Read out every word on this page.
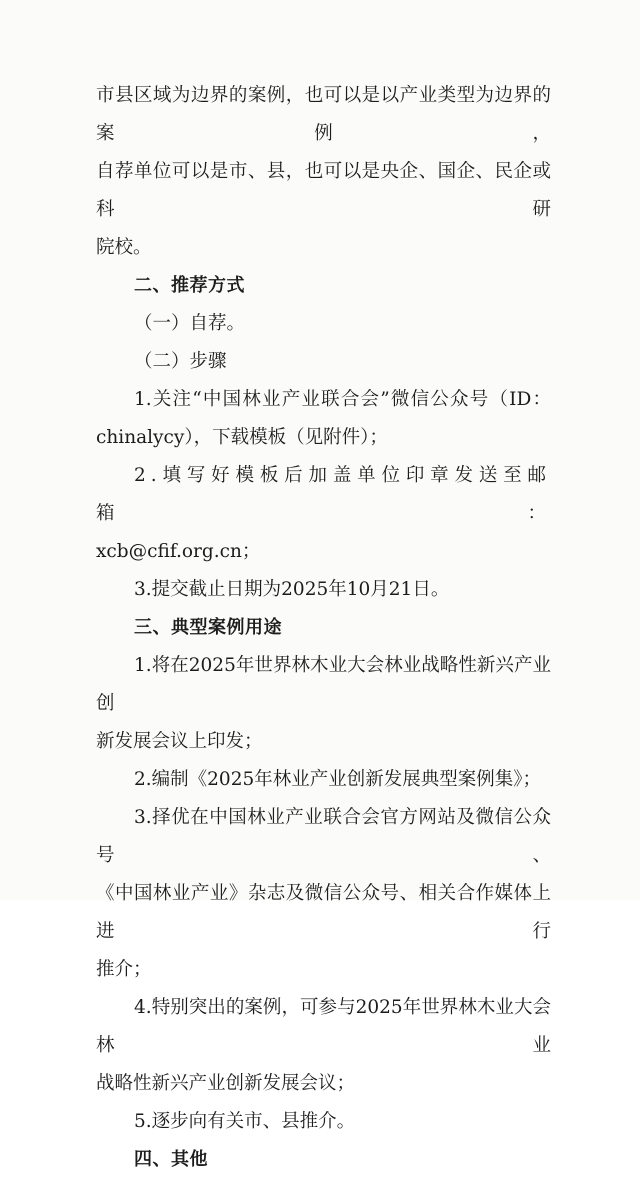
市县区域为边界的案例，也可以是以产业类型为边界的案例，

自荐单位可以是市、县，也可以是央企、国企、民企或科研

院校。

二、推荐方式

（一）自荐。

（二）步骤

1.关注“中国林业产业联合会”微信公众号（ID：

chinalycy），下载模板（见附件）；

2.填写好模板后加盖单位印章发送至邮箱：

xcb@cfif.org.cn；

3.提交截止日期为2025年10月21日。

三、典型案例用途

1.将在2025年世界林木业大会林业战略性新兴产业创

新发展会议上印发；

2.编制《2025年林业产业创新发展典型案例集》；

3.择优在中国林业产业联合会官方网站及微信公众号、

《中国林业产业》杂志及微信公众号、相关合作媒体上进行

推介；

4.特别突出的案例，可参与2025年世界林木业大会林业

战略性新兴产业创新发展会议；

5.逐步向有关市、县推介。

四、其他
